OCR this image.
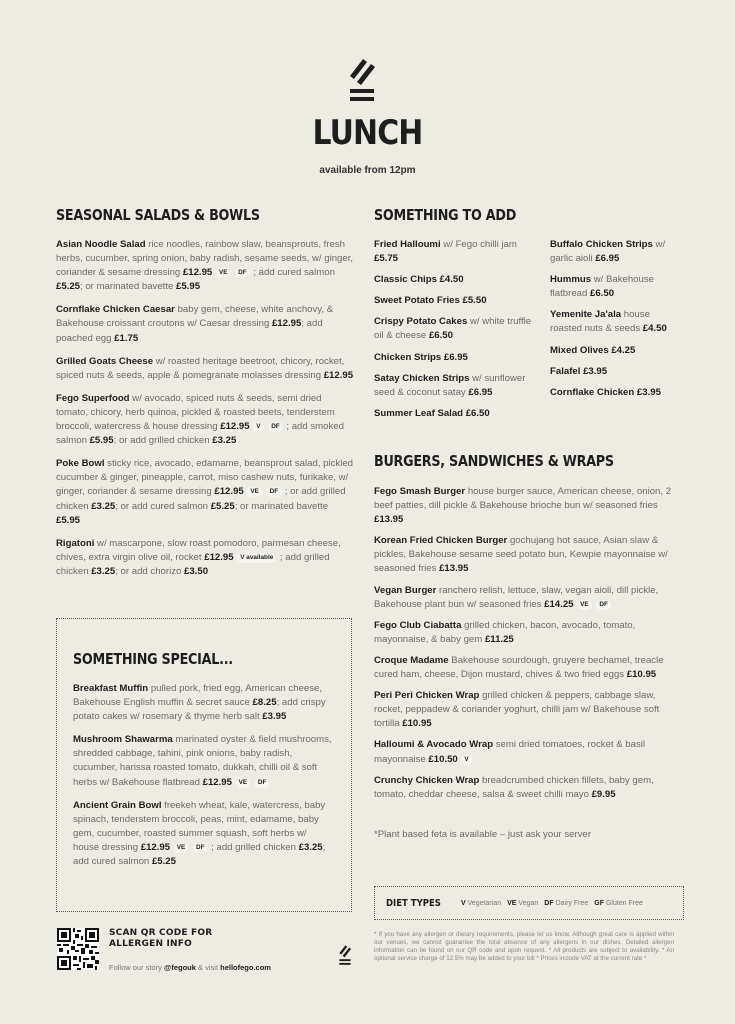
LUNCH
available from 12pm
SEASONAL SALADS & BOWLS	SOMETHING TO ADD
BURGERS, SANDWICHES & WRAPS
Asian Noodle Salad rice noodles, rainbow slaw, beansprouts, fresh herbs, cucumber, spring onion, baby radish, sesame seeds, w/ ginger, coriander & sesame dressing £12.95 VE DF ; add cured salmon £5.25; or marinated bavette £5.95
Cornflake Chicken Caesar baby gem, cheese, white anchovy, & Bakehouse croissant croutons w/ Caesar dressing £12.95; add poached egg £1.75
Grilled Goats Cheese w/ roasted heritage beetroot, chicory, rocket, spiced nuts & seeds, apple & pomegranate molasses dressing £12.95
Fego Superfood w/ avocado, spiced nuts & seeds, semi dried tomato, chicory, herb quinoa, pickled & roasted beets, tenderstem broccoli, watercress & house dressing £12.95 V DF ; add smoked salmon £5.95; or add grilled chicken £3.25
Poke Bowl sticky rice, avocado, edamame, beansprout salad, pickled cucumber & ginger, pineapple, carrot, miso cashew nuts, furikake, w/ ginger, coriander & sesame dressing £12.95 VE DF ; or add grilled chicken £3.25; or add cured salmon £5.25; or marinated bavette £5.95
Rigatoni w/ mascarpone, slow roast pomodoro, parmesan cheese, chives, extra virgin olive oil, rocket £12.95 V available ; add grilled chicken £3.25; or add chorizo £3.50
SOMETHING SPECIAL...
Breakfast Muffin pulled pork, fried egg, American cheese, Bakehouse English muffin & secret sauce £8.25; add crispy potato cakes w/ rosemary & thyme herb salt £3.95
Mushroom Shawarma marinated oyster & field mushrooms, shredded cabbage, tahini, pink onions, baby radish, cucumber, harissa roasted tomato, dukkah, chilli oil & soft herbs w/ Bakehouse flatbread £12.95 VE DF
Ancient Grain Bowl freekeh wheat, kale, watercress, baby spinach, tenderstem broccoli, peas, mint, edamame, baby gem, cucumber, roasted summer squash, soft herbs w/ house dressing £12.95 VE DF ; add grilled chicken £3.25; add cured salmon £5.25
Fried Halloumi w/ Fego chilli jam £5.75
Classic Chips £4.50
Sweet Potato Fries £5.50
Crispy Potato Cakes w/ white truffle oil & cheese £6.50
Chicken Strips £6.95
Satay Chicken Strips w/ sunflower seed & coconut satay £6.95
Summer Leaf Salad £6.50
Buffalo Chicken Strips w/ garlic aioli £6.95
Hummus w/ Bakehouse flatbread £6.50
Yemenite Ja'ala house roasted nuts & seeds £4.50
Mixed Olives £4.25
Falafel £3.95
Cornflake Chicken £3.95
Fego Smash Burger house burger sauce, American cheese, onion, 2 beef patties, dill pickle & Bakehouse brioche bun w/ seasoned fries £13.95
Korean Fried Chicken Burger gochujang hot sauce, Asian slaw & pickles, Bakehouse sesame seed potato bun, Kewpie mayonnaise w/ seasoned fries £13.95
Vegan Burger ranchero relish, lettuce, slaw, vegan aioli, dill pickle, Bakehouse plant bun w/ seasoned fries £14.25 VE DF
Fego Club Ciabatta grilled chicken, bacon, avocado, tomato, mayonnaise, & baby gem £11.25
Croque Madame Bakehouse sourdough, gruyere bechamel, treacle cured ham, cheese, Dijon mustard, chives & two fried eggs £10.95
Peri Peri Chicken Wrap grilled chicken & peppers, cabbage slaw, rocket, peppadew & coriander yoghurt, chilli jam w/ Bakehouse soft tortilla £10.95
Halloumi & Avocado Wrap semi dried tomatoes, rocket & basil mayonnaise £10.50 V
Crunchy Chicken Wrap breadcrumbed chicken fillets, baby gem, tomato, cheddar cheese, salsa & sweet chilli mayo £9.95
*Plant based feta is available – just ask your server
DIET TYPES	V Vegetarian VE Vegan DF Dairy Free GF Gluten Free
SCAN QR CODE FOR
ALLERGEN INFO
Follow our story @fegouk & visit hellofego.com
* If you have any allergen or dietary requirements, please let us know. Although great care is applied within our venues, we cannot guarantee the total absence of any allergens in our dishes. Detailed allergen information can be found on our QR code and upon request. * All products are subject to availability. * An optional service charge of 12.5% may be added to your bill * Prices include VAT at the current rate *
